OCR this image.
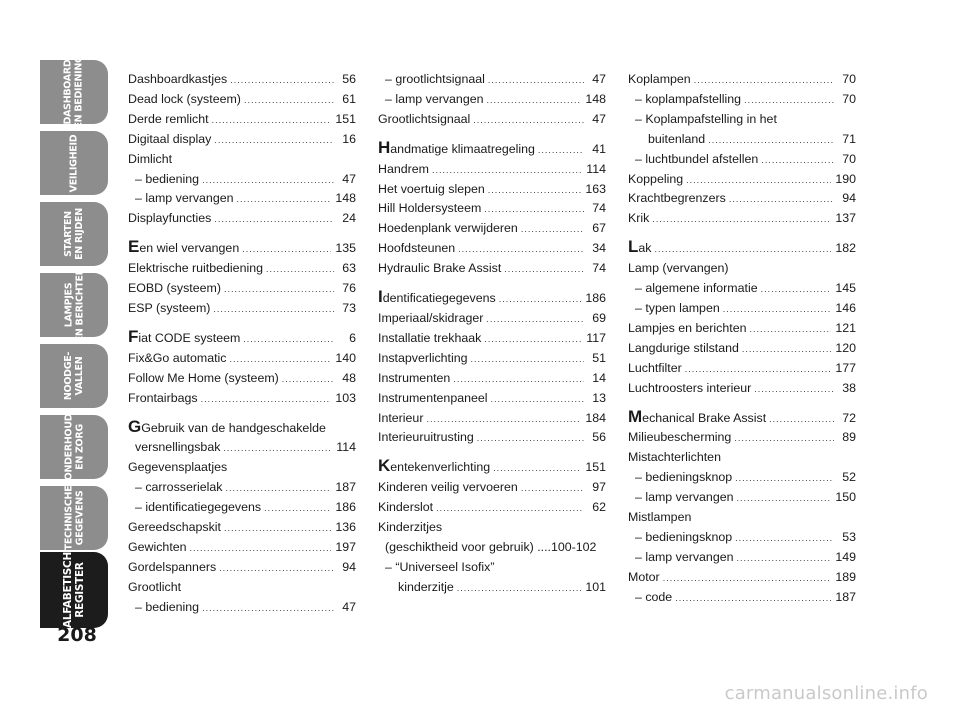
DASHBOARD
EN BEDIENING
VEILIGHEID
STARTEN
EN RIJDEN
LAMPJES
EN BERICHTEN
NOODGE-
VALLEN
ONDERHOUD
EN ZORG
TECHNISCHE
GEGEVENS
ALFABETISCH
REGISTER
208
Dashboardkastjes .....	56
Dead lock (systeem) .....	61
Derde remlicht .....	151
Digitaal display .....	16
Dimlicht
– bediening .....	47
– lamp vervangen .....	148
Displayfuncties .....	24
Een wiel vervangen .....	135
Elektrische ruitbediening .....	63
EOBD (systeem) .....	76
ESP (systeem) .....	73
Fiat CODE systeem .....	6
Fix&Go automatic .....	140
Follow Me Home (systeem) .....	48
Frontairbags .....	103
GGebruik van de handgeschakelde
versnellingsbak .....	114
Gegevensplaatjes
– carrosserielak .....	187
– identificatiegegevens .....	186
Gereedschapskit .....	136
Gewichten .....	197
Gordelspanners .....	94
Grootlicht
– bediening .....	47
– grootlichtsignaal .....	47
– lamp vervangen .....	148
Grootlichtsignaal .....	47
Handmatige klimaatregeling .....	41
Handrem .....	114
Het voertuig slepen .....	163
Hill Holdersysteem .....	74
Hoedenplank verwijderen .....	67
Hoofdsteunen .....	34
Hydraulic Brake Assist .....	74
Identificatiegegevens .....	186
Imperiaal/skidrager .....	69
Installatie trekhaak .....	117
Instapverlichting .....	51
Instrumenten .....	14
Instrumentenpaneel .....	13
Interieur .....	184
Interieuruitrusting .....	56
Kentekenverlichting .....	151
Kinderen veilig vervoeren .....	97
Kinderslot .....	62
Kinderzitjes
(geschiktheid voor gebruik) ....100-102
– “Universeel Isofix”
kinderzitje .....	101
Koplampen .....	70
– koplampafstelling .....	70
– Koplampafstelling in het
buitenland .....	71
– luchtbundel afstellen .....	70
Koppeling .....	190
Krachtbegrenzers .....	94
Krik .....	137
Lak .....	182
Lamp (vervangen)
– algemene informatie .....	145
– typen lampen .....	146
Lampjes en berichten .....	121
Langdurige stilstand .....	120
Luchtfilter .....	177
Luchtroosters interieur .....	38
Mechanical Brake Assist .....	72
Milieubescherming .....	89
Mistachterlichten
– bedieningsknop .....	52
– lamp vervangen .....	150
Mistlampen
– bedieningsknop .....	53
– lamp vervangen .....	149
Motor .....	189
– code .....	187
carmanualsonline.info
